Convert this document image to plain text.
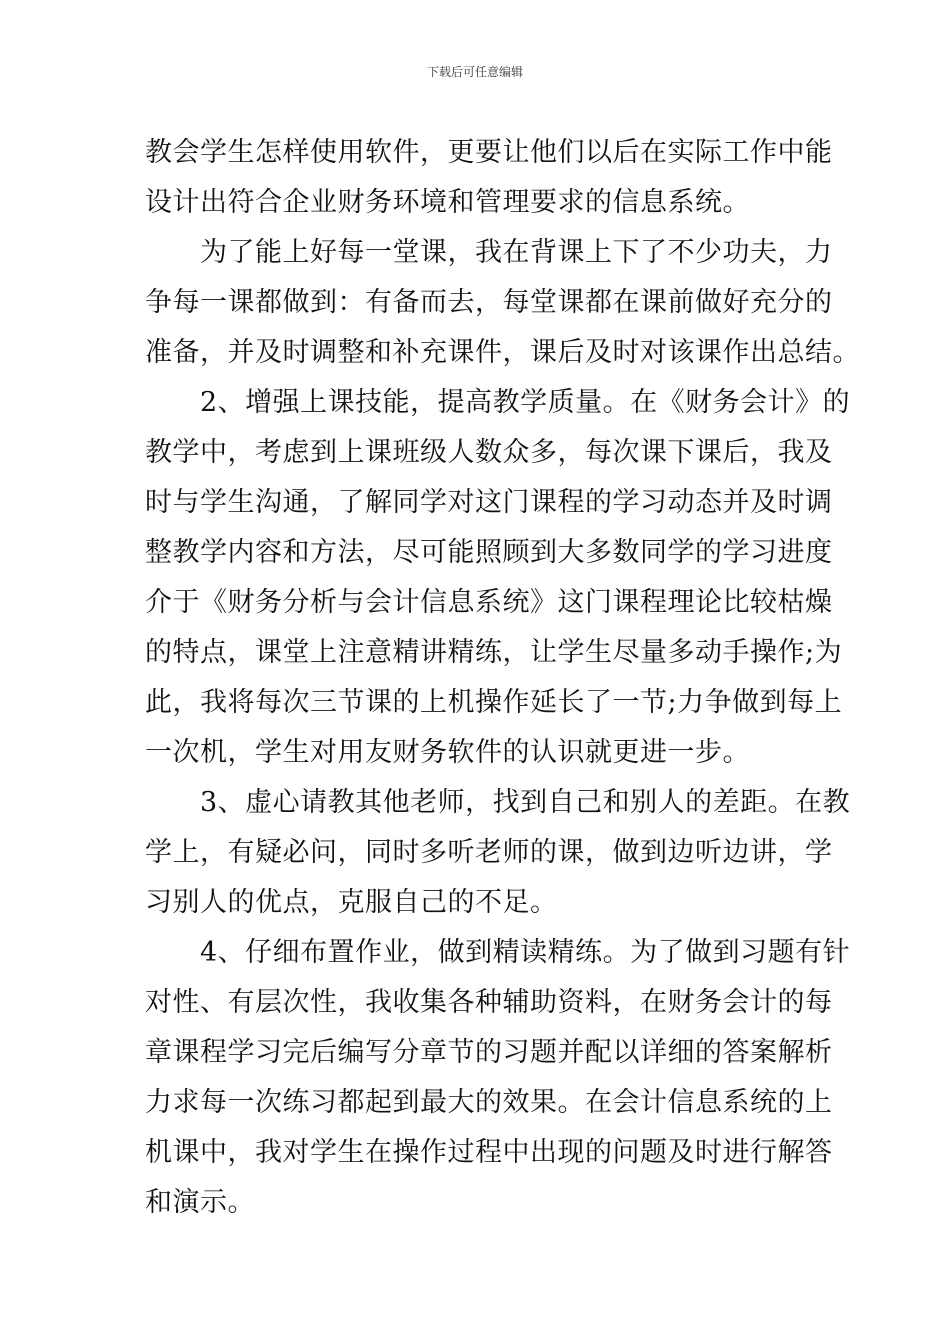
下载后可任意编辑
教会学生怎样使用软件，更要让他们以后在实际工作中能
设计出符合企业财务环境和管理要求的信息系统。
　　为了能上好每一堂课，我在背课上下了不少功夫，力
争每一课都做到：有备而去，每堂课都在课前做好充分的
准备，并及时调整和补充课件，课后及时对该课作出总结。
　　2、增强上课技能，提高教学质量。在《财务会计》的
教学中，考虑到上课班级人数众多，每次课下课后，我及
时与学生沟通，了解同学对这门课程的学习动态并及时调
整教学内容和方法，尽可能照顾到大多数同学的学习进度
介于《财务分析与会计信息系统》这门课程理论比较枯燥
的特点，课堂上注意精讲精练，让学生尽量多动手操作;为
此，我将每次三节课的上机操作延长了一节;力争做到每上
一次机，学生对用友财务软件的认识就更进一步。
　　3、虚心请教其他老师，找到自己和别人的差距。在教
学上，有疑必问，同时多听老师的课，做到边听边讲，学
习别人的优点，克服自己的不足。
　　4、仔细布置作业，做到精读精练。为了做到习题有针
对性、有层次性，我收集各种辅助资料，在财务会计的每
章课程学习完后编写分章节的习题并配以详细的答案解析
力求每一次练习都起到最大的效果。在会计信息系统的上
机课中，我对学生在操作过程中出现的问题及时进行解答
和演示。
